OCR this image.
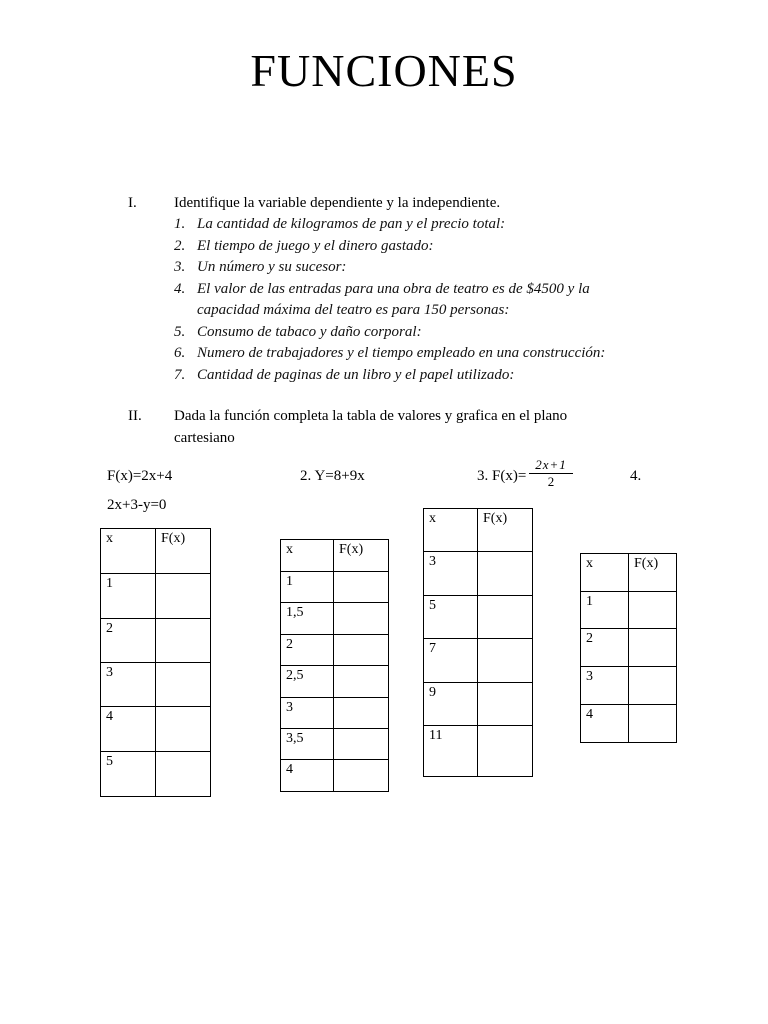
FUNCIONES
I. Identifique la variable dependiente y la independiente.
1. La cantidad de kilogramos de pan y el precio total:
2. El tiempo de juego y el dinero gastado:
3. Un número y su sucesor:
4. El valor de las entradas para una obra de teatro es de $4500 y la capacidad máxima del teatro es para 150 personas:
5. Consumo de tabaco y daño corporal:
6. Numero de trabajadores y el tiempo empleado en una construcción:
7. Cantidad de paginas de un libro y el papel utilizado:
II. Dada la función completa la tabla de valores y grafica en el plano cartesiano
F(x)=2x+4	2. Y=8+9x	3. $F(x)= \frac{2x+1}{2}$	4.
2x+3-y=0
x	F(x)
1	
2	
3	
4	
5	
x	F(x)
1	
1,5	
2	
2,5	
3	
3,5	
4	
x	F(x)
3	
5	
7	
9	
11	
x	F(x)
1	
2	
3	
4	
